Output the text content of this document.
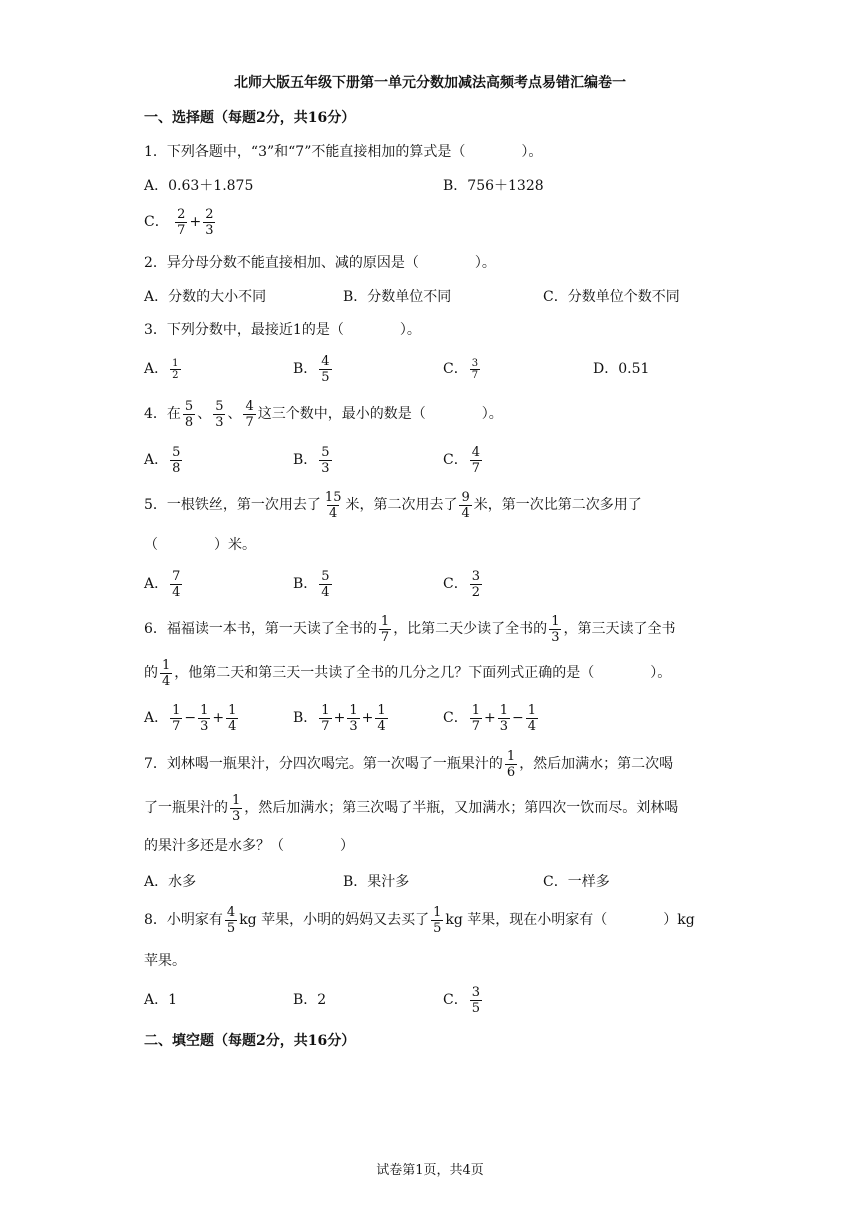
北师大版五年级下册第一单元分数加减法高频考点易错汇编卷一
一、选择题（每题2分，共16分）
1．下列各题中，“3”和“7”不能直接相加的算式是（　　　　）。
A．0.63＋1.875	B．756＋1328
C． $\frac{2}{7} + \frac{2}{3}$
2．异分母分数不能直接相加、减的原因是（　　　　）。
A．分数的大小不同	B．分数单位不同	C．分数单位个数不同
3．下列分数中，最接近1的是（　　　　）。
A． $\frac{1}{2}$	B． $\frac{4}{5}$	C． $\frac{3}{7}$	D．0.51
4．在 $\frac{5}{8}$ 、 $\frac{5}{3}$ 、 $\frac{4}{7}$ 这三个数中，最小的数是（　　　　）。
A． $\frac{5}{8}$	B． $\frac{5}{3}$	C． $\frac{4}{7}$
5．一根铁丝，第一次用去了 $\frac{15}{4}$ 米，第二次用去了 $\frac{9}{4}$ 米，第一次比第二次多用了
（　　　　）米。
A． $\frac{7}{4}$	B． $\frac{5}{4}$	C． $\frac{3}{2}$
6．福福读一本书，第一天读了全书的 $\frac{1}{7}$ ，比第二天少读了全书的 $\frac{1}{3}$ ，第三天读了全书
的 $\frac{1}{4}$ ，他第二天和第三天一共读了全书的几分之几？下面列式正确的是（　　　　）。
A． $\frac{1}{7} - \frac{1}{3} + \frac{1}{4}$	B． $\frac{1}{7} + \frac{1}{3} + \frac{1}{4}$	C． $\frac{1}{7} + \frac{1}{3} - \frac{1}{4}$
7．刘林喝一瓶果汁，分四次喝完。第一次喝了一瓶果汁的 $\frac{1}{6}$ ，然后加满水；第二次喝
了一瓶果汁的 $\frac{1}{3}$ ，然后加满水；第三次喝了半瓶，又加满水；第四次一饮而尽。刘林喝
的果汁多还是水多？（　　　　）
A．水多	B．果汁多	C．一样多
8．小明家有 $\frac{4}{5}$ kg 苹果，小明的妈妈又去买了 $\frac{1}{5}$ kg 苹果，现在小明家有（　　　　）kg
苹果。
A．1	B．2	C． $\frac{3}{5}$
二、填空题（每题2分，共16分）
试卷第1页，共4页
